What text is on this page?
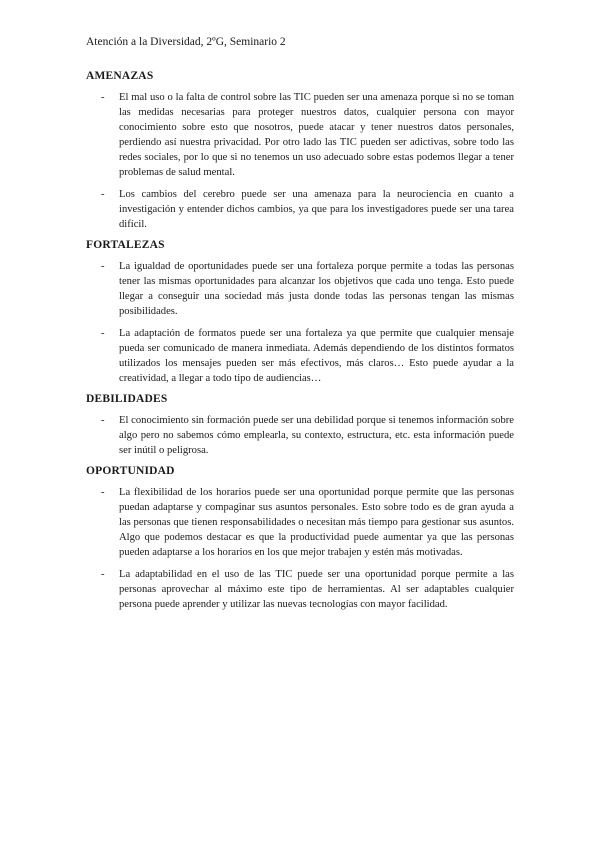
Atención a la Diversidad, 2ºG, Seminario 2
AMENAZAS
- El mal uso o la falta de control sobre las TIC pueden ser una amenaza porque si no se toman las medidas necesarias para proteger nuestros datos, cualquier persona con mayor conocimiento sobre esto que nosotros, puede atacar y tener nuestros datos personales, perdiendo así nuestra privacidad. Por otro lado las TIC pueden ser adictivas, sobre todo las redes sociales, por lo que si no tenemos un uso adecuado sobre estas podemos llegar a tener problemas de salud mental.
- Los cambios del cerebro puede ser una amenaza para la neurociencia en cuanto a investigación y entender dichos cambios, ya que para los investigadores puede ser una tarea difícil.
FORTALEZAS
- La igualdad de oportunidades puede ser una fortaleza porque permite a todas las personas tener las mismas oportunidades para alcanzar los objetivos que cada uno tenga. Esto puede llegar a conseguir una sociedad más justa donde todas las personas tengan las mismas posibilidades.
- La adaptación de formatos puede ser una fortaleza ya que permite que cualquier mensaje pueda ser comunicado de manera inmediata. Además dependiendo de los distintos formatos utilizados los mensajes pueden ser más efectivos, más claros… Esto puede ayudar a la creatividad, a llegar a todo tipo de audiencias…
DEBILIDADES
- El conocimiento sin formación puede ser una debilidad porque si tenemos información sobre algo pero no sabemos cómo emplearla, su contexto, estructura, etc. esta información puede ser inútil o peligrosa.
OPORTUNIDAD
- La flexibilidad de los horarios puede ser una oportunidad porque permite que las personas puedan adaptarse y compaginar sus asuntos personales. Esto sobre todo es de gran ayuda a las personas que tienen responsabilidades o necesitan más tiempo para gestionar sus asuntos. Algo que podemos destacar es que la productividad puede aumentar ya que las personas pueden adaptarse a los horarios en los que mejor trabajen y estén más motivadas.
- La adaptabilidad en el uso de las TIC puede ser una oportunidad porque permite a las personas aprovechar al máximo este tipo de herramientas. Al ser adaptables cualquier persona puede aprender y utilizar las nuevas tecnologías con mayor facilidad.
